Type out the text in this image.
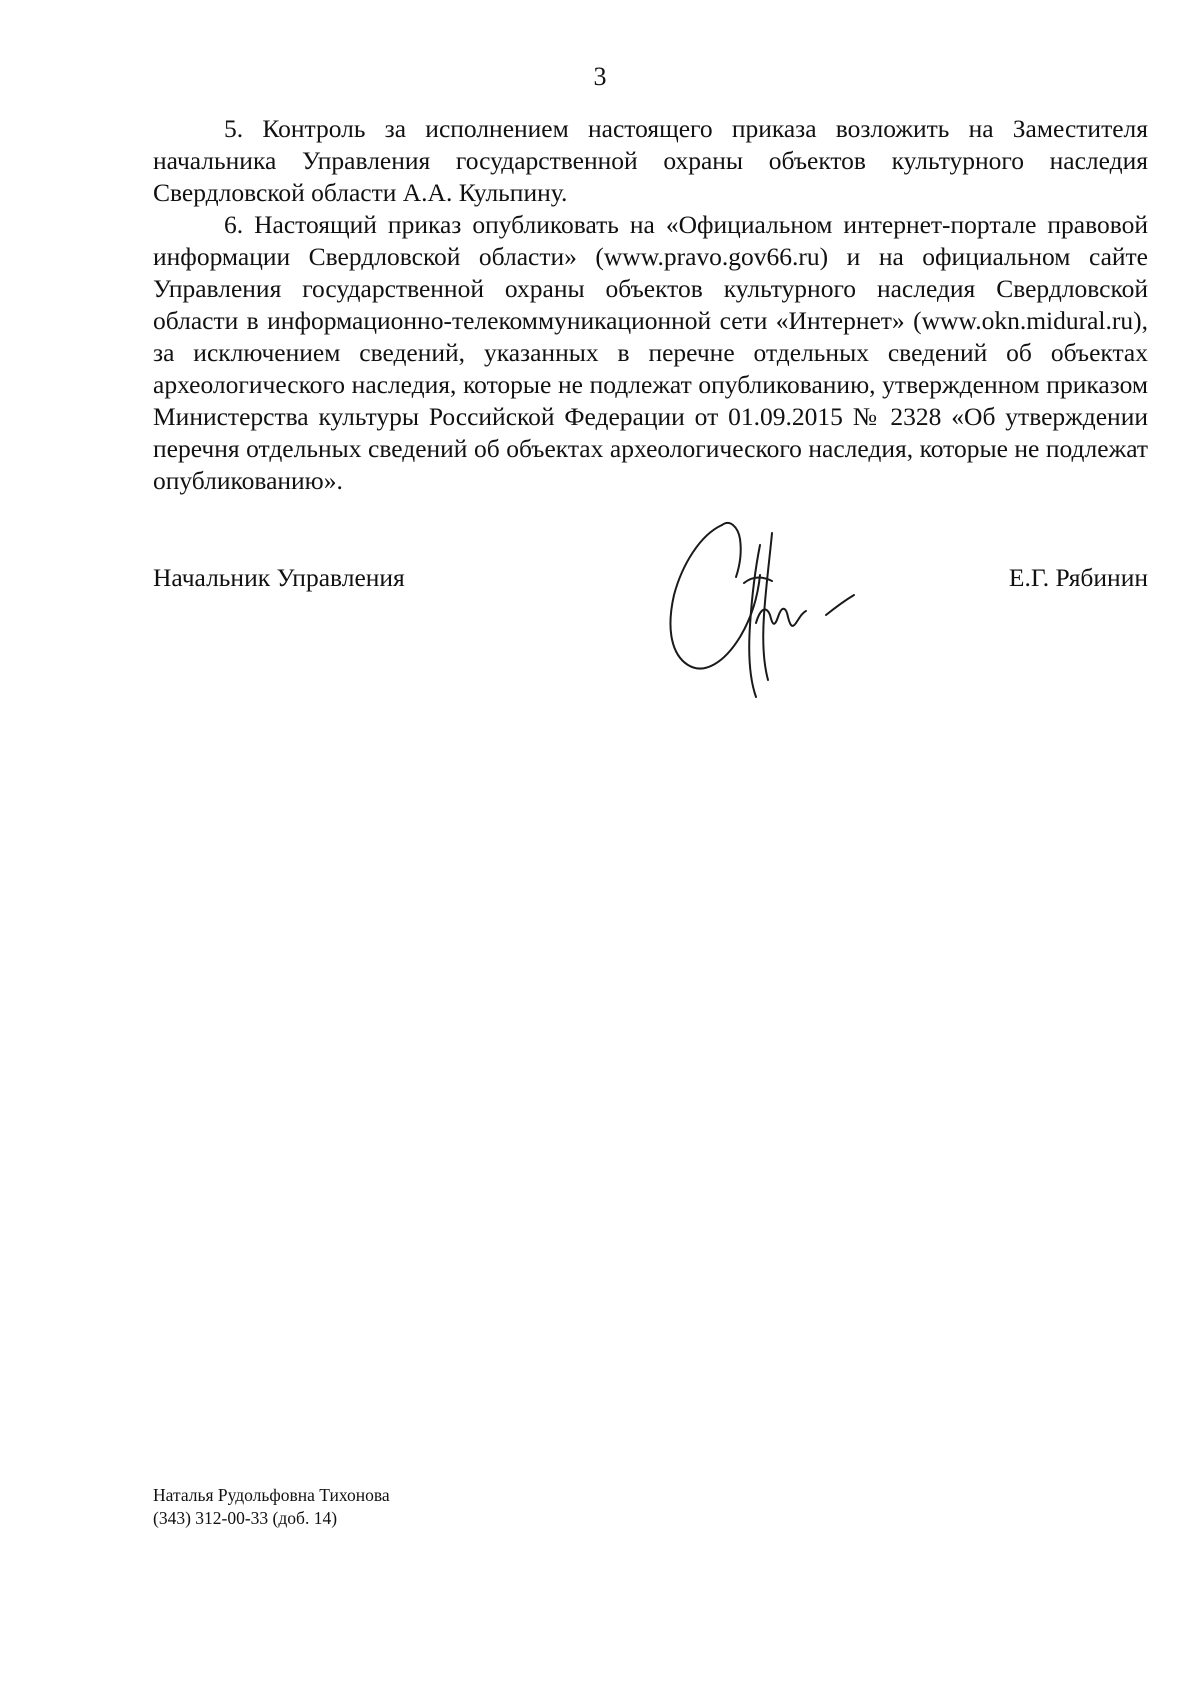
3

5. Контроль за исполнением настоящего приказа возложить на Заместителя начальника Управления государственной охраны объектов культурного наследия Свердловской области А.А. Кульпину.

6. Настоящий приказ опубликовать на «Официальном интернет-портале правовой информации Свердловской области» (www.pravo.gov66.ru) и на официальном сайте Управления государственной охраны объектов культурного наследия Свердловской области в информационно-телекоммуникационной сети «Интернет» (www.okn.midural.ru), за исключением сведений, указанных в перечне отдельных сведений об объектах археологического наследия, которые не подлежат опубликованию, утвержденном приказом Министерства культуры Российской Федерации от 01.09.2015 № 2328 «Об утверждении перечня отдельных сведений об объектах археологического наследия, которые не подлежат опубликованию».

Начальник Управления	Е.Г. Рябинин
Наталья Рудольфовна Тихонова
(343) 312-00-33 (доб. 14)
